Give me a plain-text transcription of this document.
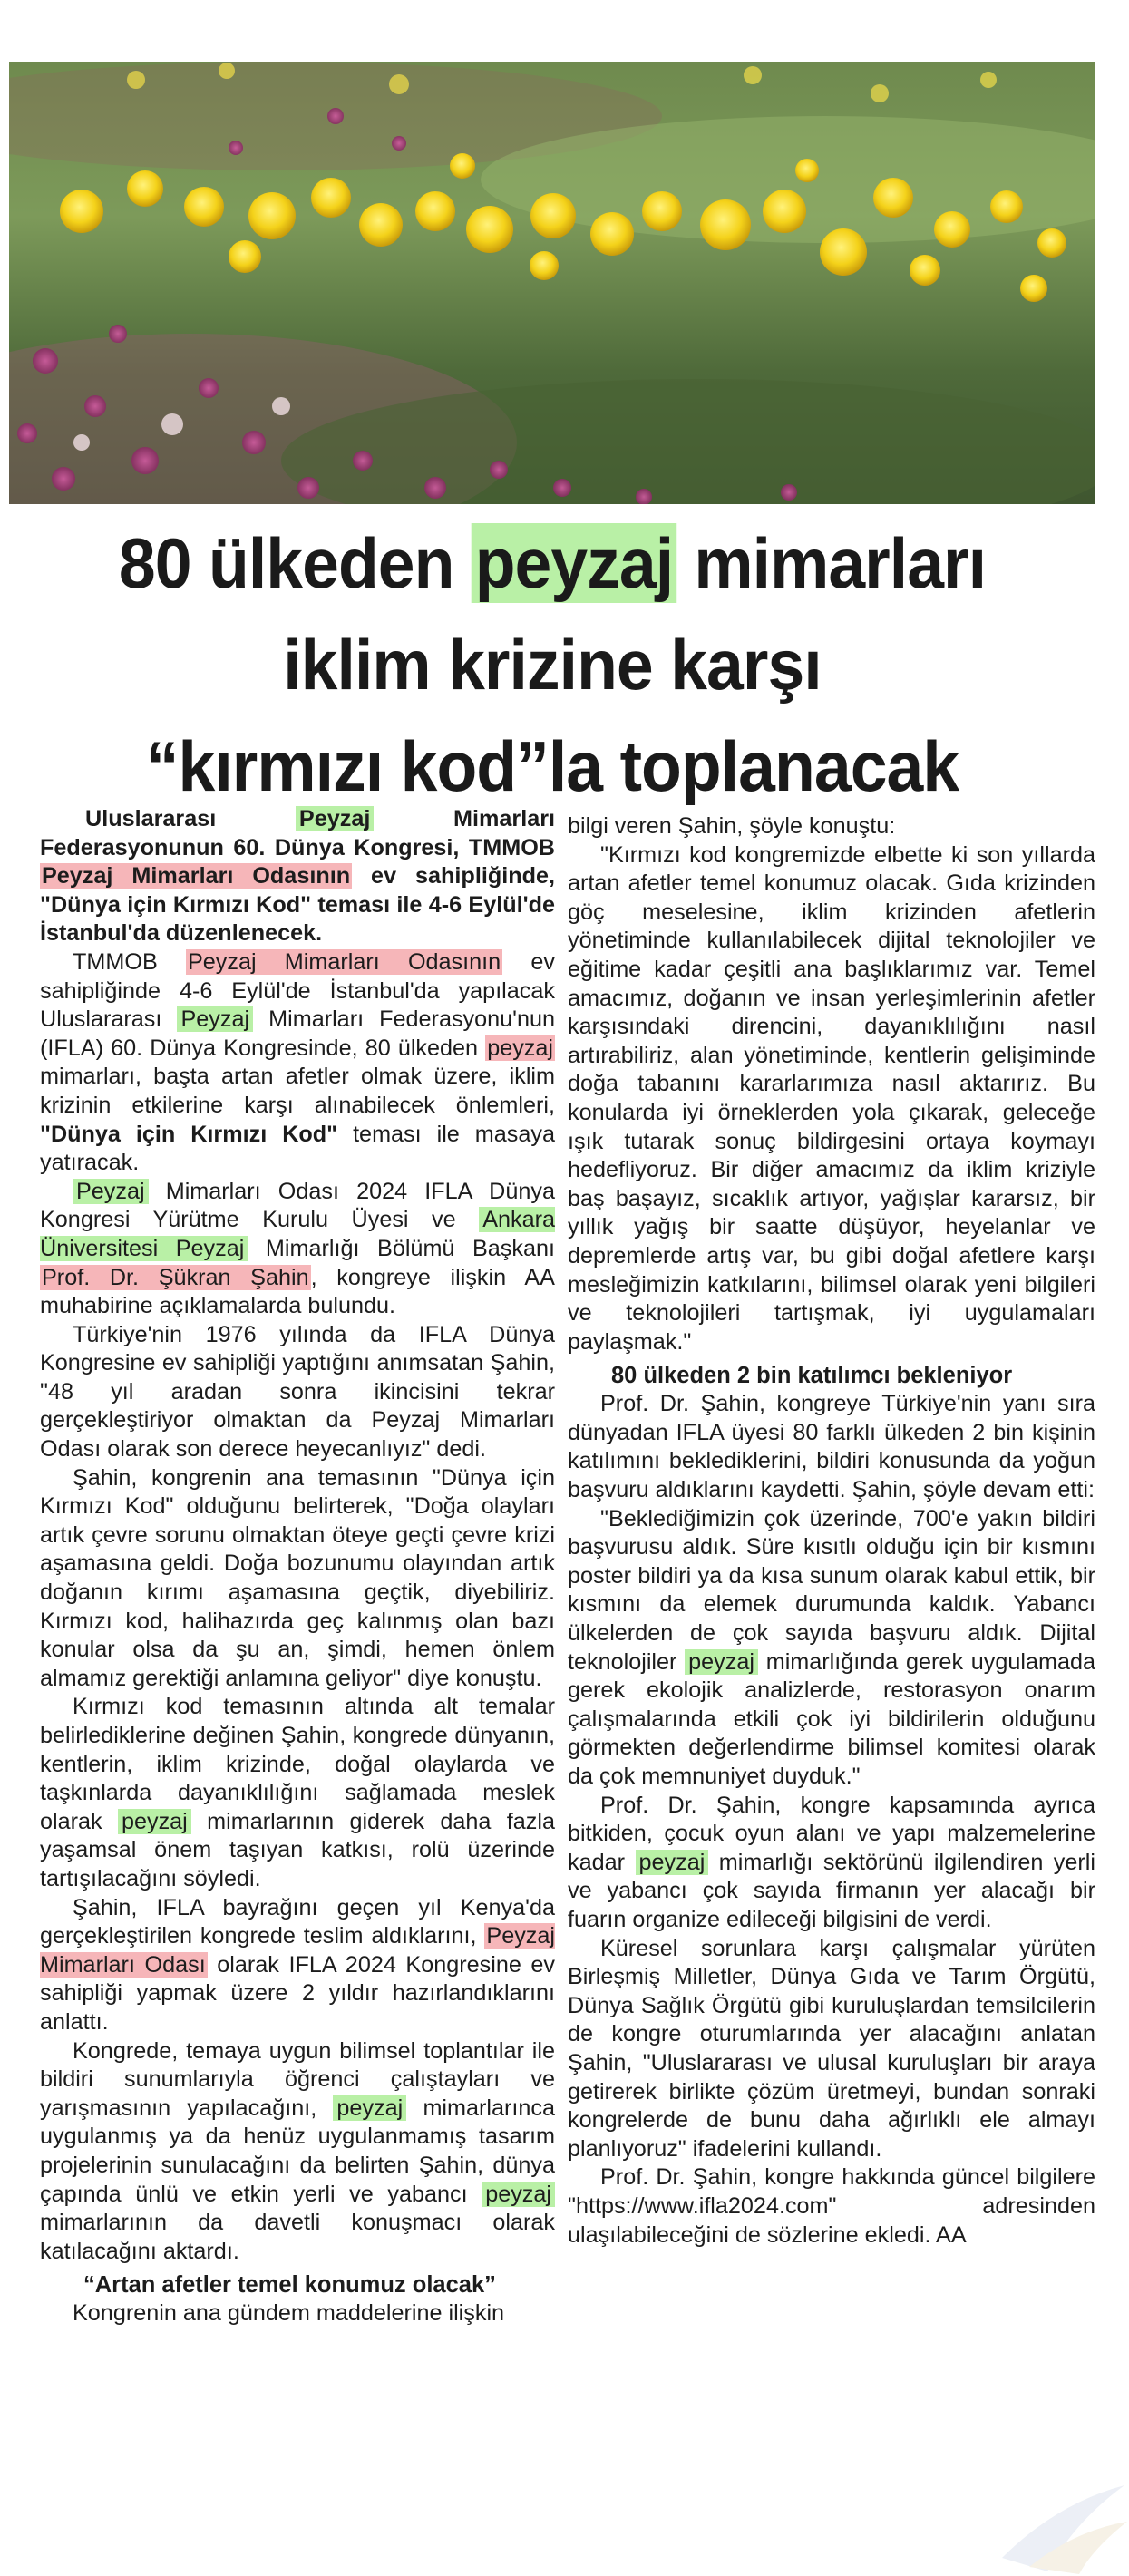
80 ülkeden peyzaj mimarları
iklim krizine karşı
“kırmızı kod”la toplanacak

Uluslararası Peyzaj Mimarları Federasyonunun 60. Dünya Kongresi, TMMOB Peyzaj Mimarları Odasının ev sahipliğinde, "Dünya için Kırmızı Kod" teması ile 4-6 Eylül'de İstanbul'da düzenlenecek.

TMMOB Peyzaj Mimarları Odasının ev sahipliğinde 4-6 Eylül'de İstanbul'da yapılacak Uluslararası Peyzaj Mimarları Federasyonu'nun (IFLA) 60. Dünya Kongresinde, 80 ülkeden peyzaj mimarları, başta artan afetler olmak üzere, iklim krizinin etkilerine karşı alınabilecek önlemleri, "Dünya için Kırmızı Kod" teması ile masaya yatıracak.

Peyzaj Mimarları Odası 2024 IFLA Dünya Kongresi Yürütme Kurulu Üyesi ve Ankara Üniversitesi Peyzaj Mimarlığı Bölümü Başkanı Prof. Dr. Şükran Şahin, kongreye ilişkin AA muhabirine açıklamalarda bulundu.

Türkiye'nin 1976 yılında da IFLA Dünya Kongresine ev sahipliği yaptığını anımsatan Şahin, "48 yıl aradan sonra ikincisini tekrar gerçekleştiriyor olmaktan da Peyzaj Mimarları Odası olarak son derece heyecanlıyız" dedi.

Şahin, kongrenin ana temasının "Dünya için Kırmızı Kod" olduğunu belirterek, "Doğa olayları artık çevre sorunu olmaktan öteye geçti çevre krizi aşamasına geldi. Doğa bozunumu olayından artık doğanın kırımı aşamasına geçtik, diyebiliriz. Kırmızı kod, halihazırda geç kalınmış olan bazı konular olsa da şu an, şimdi, hemen önlem almamız gerektiği anlamına geliyor" diye konuştu.

Kırmızı kod temasının altında alt temalar belirlediklerine değinen Şahin, kongrede dünyanın, kentlerin, iklim krizinde, doğal olaylarda ve taşkınlarda dayanıklılığını sağlamada meslek olarak peyzaj mimarlarının giderek daha fazla yaşamsal önem taşıyan katkısı, rolü üzerinde tartışılacağını söyledi.

Şahin, IFLA bayrağını geçen yıl Kenya'da gerçekleştirilen kongrede teslim aldıklarını, Peyzaj Mimarları Odası olarak IFLA 2024 Kongresine ev sahipliği yapmak üzere 2 yıldır hazırlandıklarını anlattı.

Kongrede, temaya uygun bilimsel toplantılar ile bildiri sunumlarıyla öğrenci çalıştayları ve yarışmasının yapılacağını, peyzaj mimarlarınca uygulanmış ya da henüz uygulanmamış tasarım projelerinin sunulacağını da belirten Şahin, dünya çapında ünlü ve etkin yerli ve yabancı peyzaj mimarlarının da davetli konuşmacı olarak katılacağını aktardı.

“Artan afetler temel konumuz olacak”

Kongrenin ana gündem maddelerine ilişkin

bilgi veren Şahin, şöyle konuştu:

"Kırmızı kod kongremizde elbette ki son yıllarda artan afetler temel konumuz olacak. Gıda krizinden göç meselesine, iklim krizinden afetlerin yönetiminde kullanılabilecek dijital teknolojiler ve eğitime kadar çeşitli ana başlıklarımız var. Temel amacımız, doğanın ve insan yerleşimlerinin afetler karşısındaki direncini, dayanıklılığını nasıl artırabiliriz, alan yönetiminde, kentlerin gelişiminde doğa tabanını kararlarımıza nasıl aktarırız. Bu konularda iyi örneklerden yola çıkarak, geleceğe ışık tutarak sonuç bildirgesini ortaya koymayı hedefliyoruz. Bir diğer amacımız da iklim kriziyle baş başayız, sıcaklık artıyor, yağışlar kararsız, bir yıllık yağış bir saatte düşüyor, heyelanlar ve depremlerde artış var, bu gibi doğal afetlere karşı mesleğimizin katkılarını, bilimsel olarak yeni bilgileri ve teknolojileri tartışmak, iyi uygulamaları paylaşmak."

80 ülkeden 2 bin katılımcı bekleniyor

Prof. Dr. Şahin, kongreye Türkiye'nin yanı sıra dünyadan IFLA üyesi 80 farklı ülkeden 2 bin kişinin katılımını beklediklerini, bildiri konusunda da yoğun başvuru aldıklarını kaydetti. Şahin, şöyle devam etti:

"Beklediğimizin çok üzerinde, 700'e yakın bildiri başvurusu aldık. Süre kısıtlı olduğu için bir kısmını poster bildiri ya da kısa sunum olarak kabul ettik, bir kısmını da elemek durumunda kaldık. Yabancı ülkelerden de çok sayıda başvuru aldık. Dijital teknolojiler peyzaj mimarlığında gerek uygulamada gerek ekolojik analizlerde, restorasyon onarım çalışmalarında etkili çok iyi bildirilerin olduğunu görmekten değerlendirme bilimsel komitesi olarak da çok memnuniyet duyduk."

Prof. Dr. Şahin, kongre kapsamında ayrıca bitkiden, çocuk oyun alanı ve yapı malzemelerine kadar peyzaj mimarlığı sektörünü ilgilendiren yerli ve yabancı çok sayıda firmanın yer alacağı bir fuarın organize edileceği bilgisini de verdi.

Küresel sorunlara karşı çalışmalar yürüten Birleşmiş Milletler, Dünya Gıda ve Tarım Örgütü, Dünya Sağlık Örgütü gibi kuruluşlardan temsilcilerin de kongre oturumlarında yer alacağını anlatan Şahin, "Uluslararası ve ulusal kuruluşları bir araya getirerek birlikte çözüm üretmeyi, bundan sonraki kongrelerde de bunu daha ağırlıklı ele almayı planlıyoruz" ifadelerini kullandı.

Prof. Dr. Şahin, kongre hakkında güncel bilgilere "https://www.ifla2024.com" adresinden ulaşılabileceğini de sözlerine ekledi. AA
